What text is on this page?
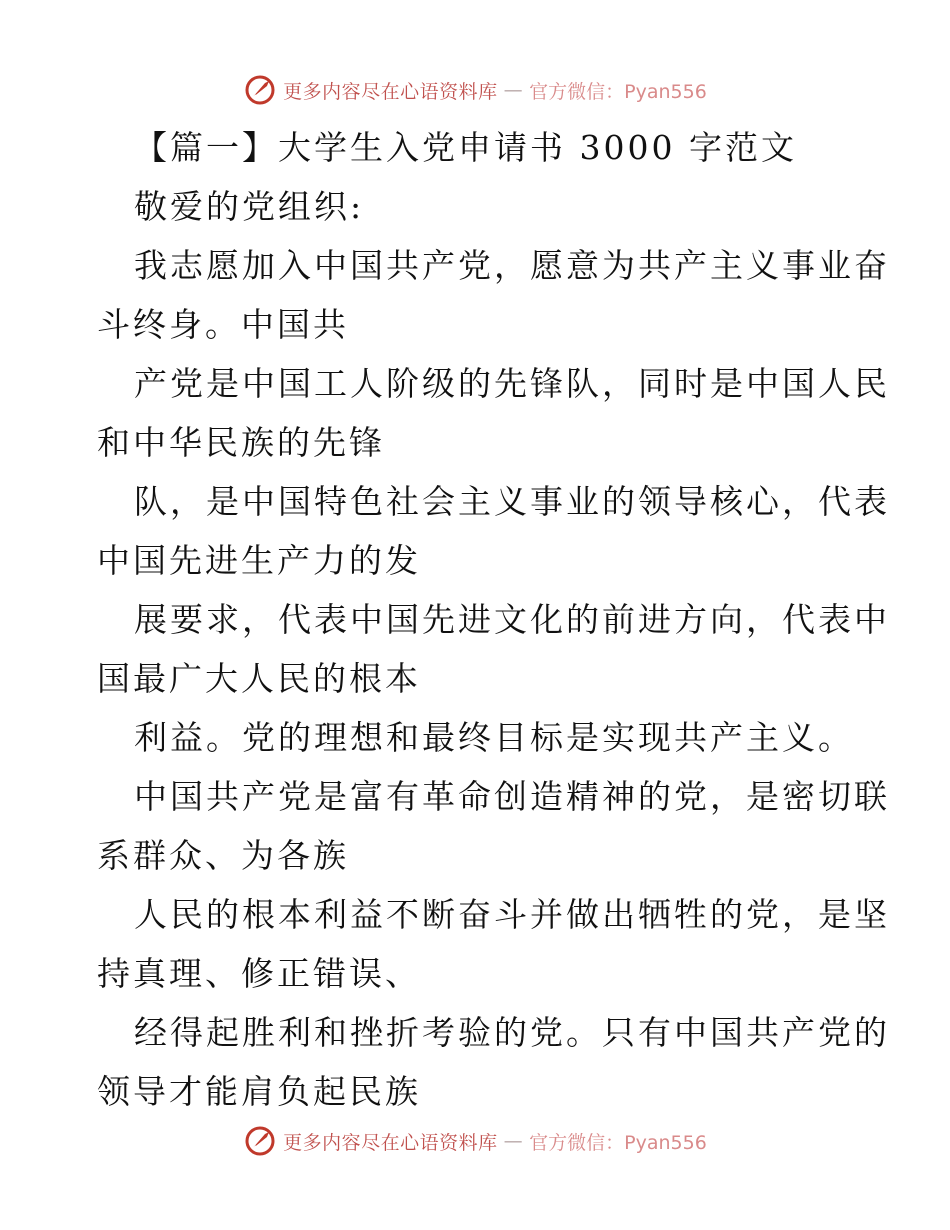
更多内容尽在心语资料库 — 官方微信：Pyan556
【篇一】大学生入党申请书 3000 字范文
敬爱的党组织:
我志愿加入中国共产党，愿意为共产主义事业奋
斗终身。中国共
产党是中国工人阶级的先锋队，同时是中国人民
和中华民族的先锋
队，是中国特色社会主义事业的领导核心，代表
中国先进生产力的发
展要求，代表中国先进文化的前进方向，代表中
国最广大人民的根本
利益。党的理想和最终目标是实现共产主义。
中国共产党是富有革命创造精神的党，是密切联
系群众、为各族
人民的根本利益不断奋斗并做出牺牲的党，是坚
持真理、修正错误、
经得起胜利和挫折考验的党。只有中国共产党的
领导才能肩负起民族
更多内容尽在心语资料库 — 官方微信：Pyan556
